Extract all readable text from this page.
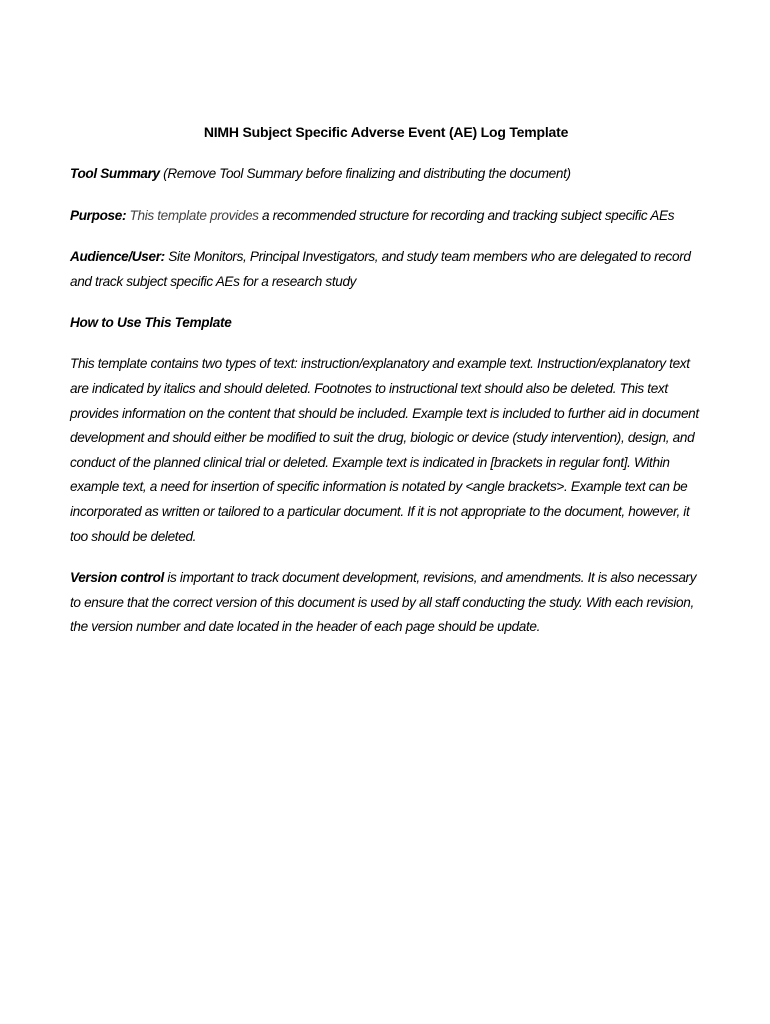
NIMH Subject Specific Adverse Event (AE) Log Template

Tool Summary (Remove Tool Summary before finalizing and distributing the document)

Purpose: This template provides a recommended structure for recording and tracking subject specific AEs

Audience/User: Site Monitors, Principal Investigators, and study team members who are delegated to record and track subject specific AEs for a research study

How to Use This Template

This template contains two types of text: instruction/explanatory and example text. Instruction/explanatory text are indicated by italics and should deleted. Footnotes to instructional text should also be deleted. This text provides information on the content that should be included. Example text is included to further aid in document development and should either be modified to suit the drug, biologic or device (study intervention), design, and conduct of the planned clinical trial or deleted. Example text is indicated in [brackets in regular font]. Within example text, a need for insertion of specific information is notated by <angle brackets>. Example text can be incorporated as written or tailored to a particular document. If it is not appropriate to the document, however, it too should be deleted.

Version control is important to track document development, revisions, and amendments. It is also necessary to ensure that the correct version of this document is used by all staff conducting the study. With each revision, the version number and date located in the header of each page should be update.
